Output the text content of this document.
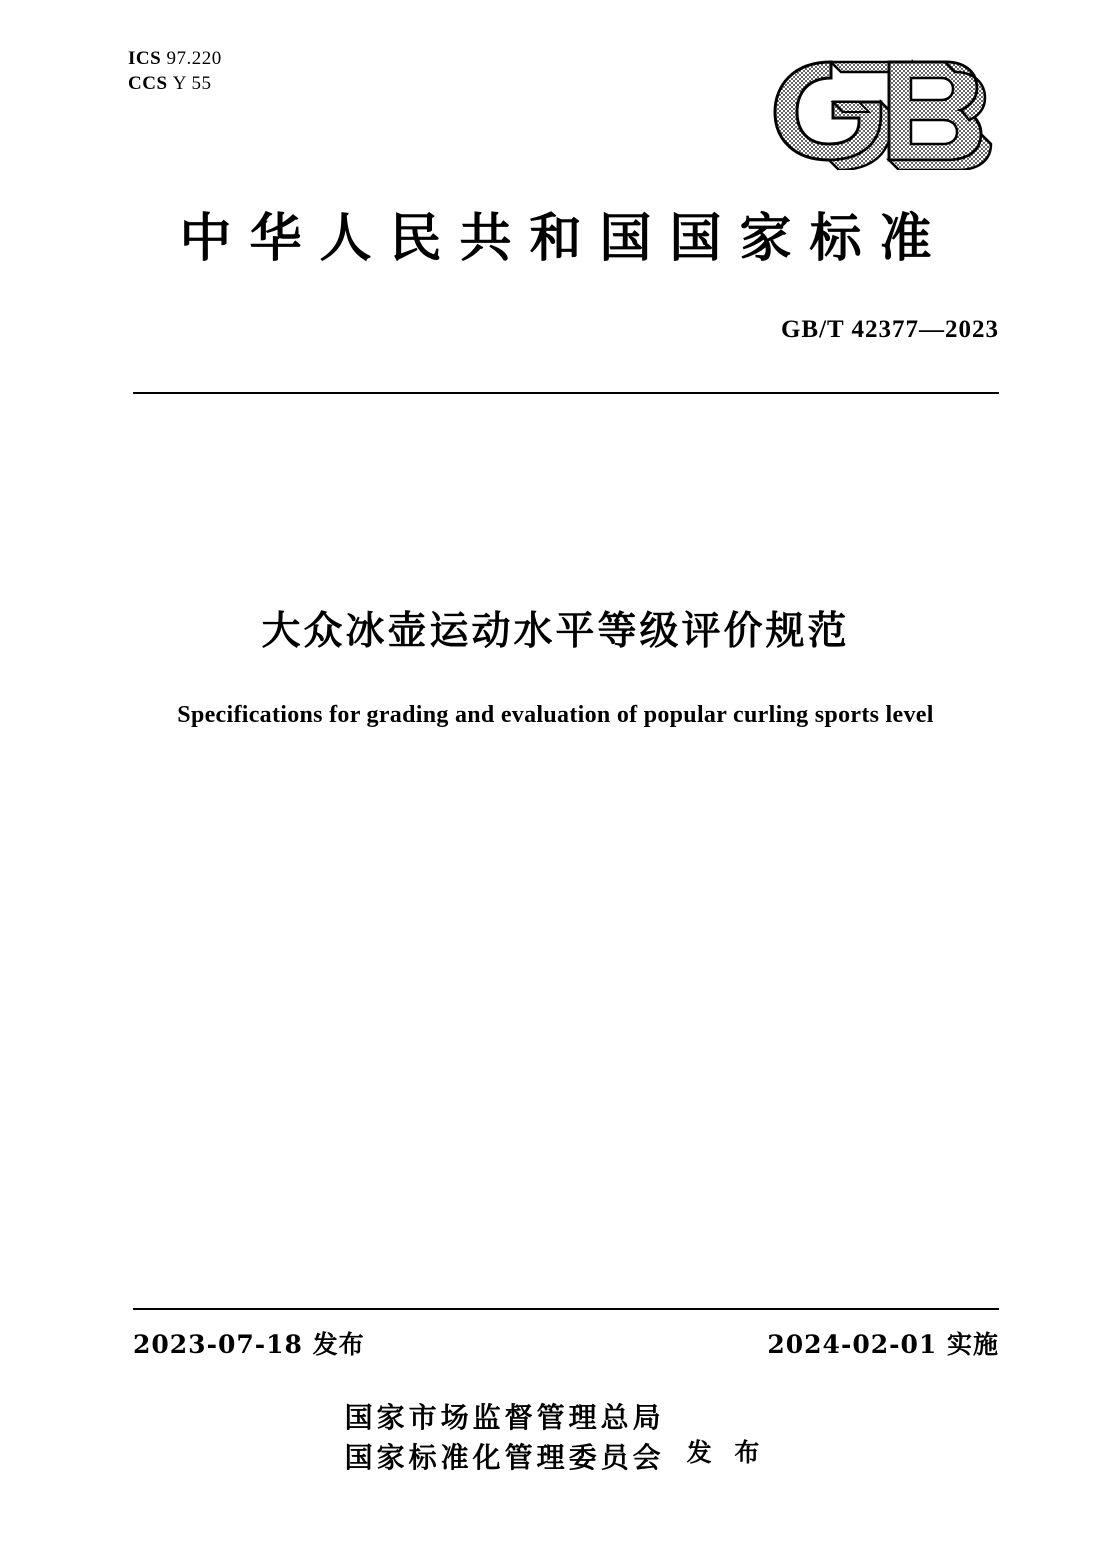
ICS 97.220
CCS Y 55
中华人民共和国国家标准
GB/T 42377—2023
大众冰壶运动水平等级评价规范
Specifications for grading and evaluation of popular curling sports level
2023-07-18 发布	2024-02-01 实施
国家市场监督管理总局
国家标准化管理委员会 发 布
